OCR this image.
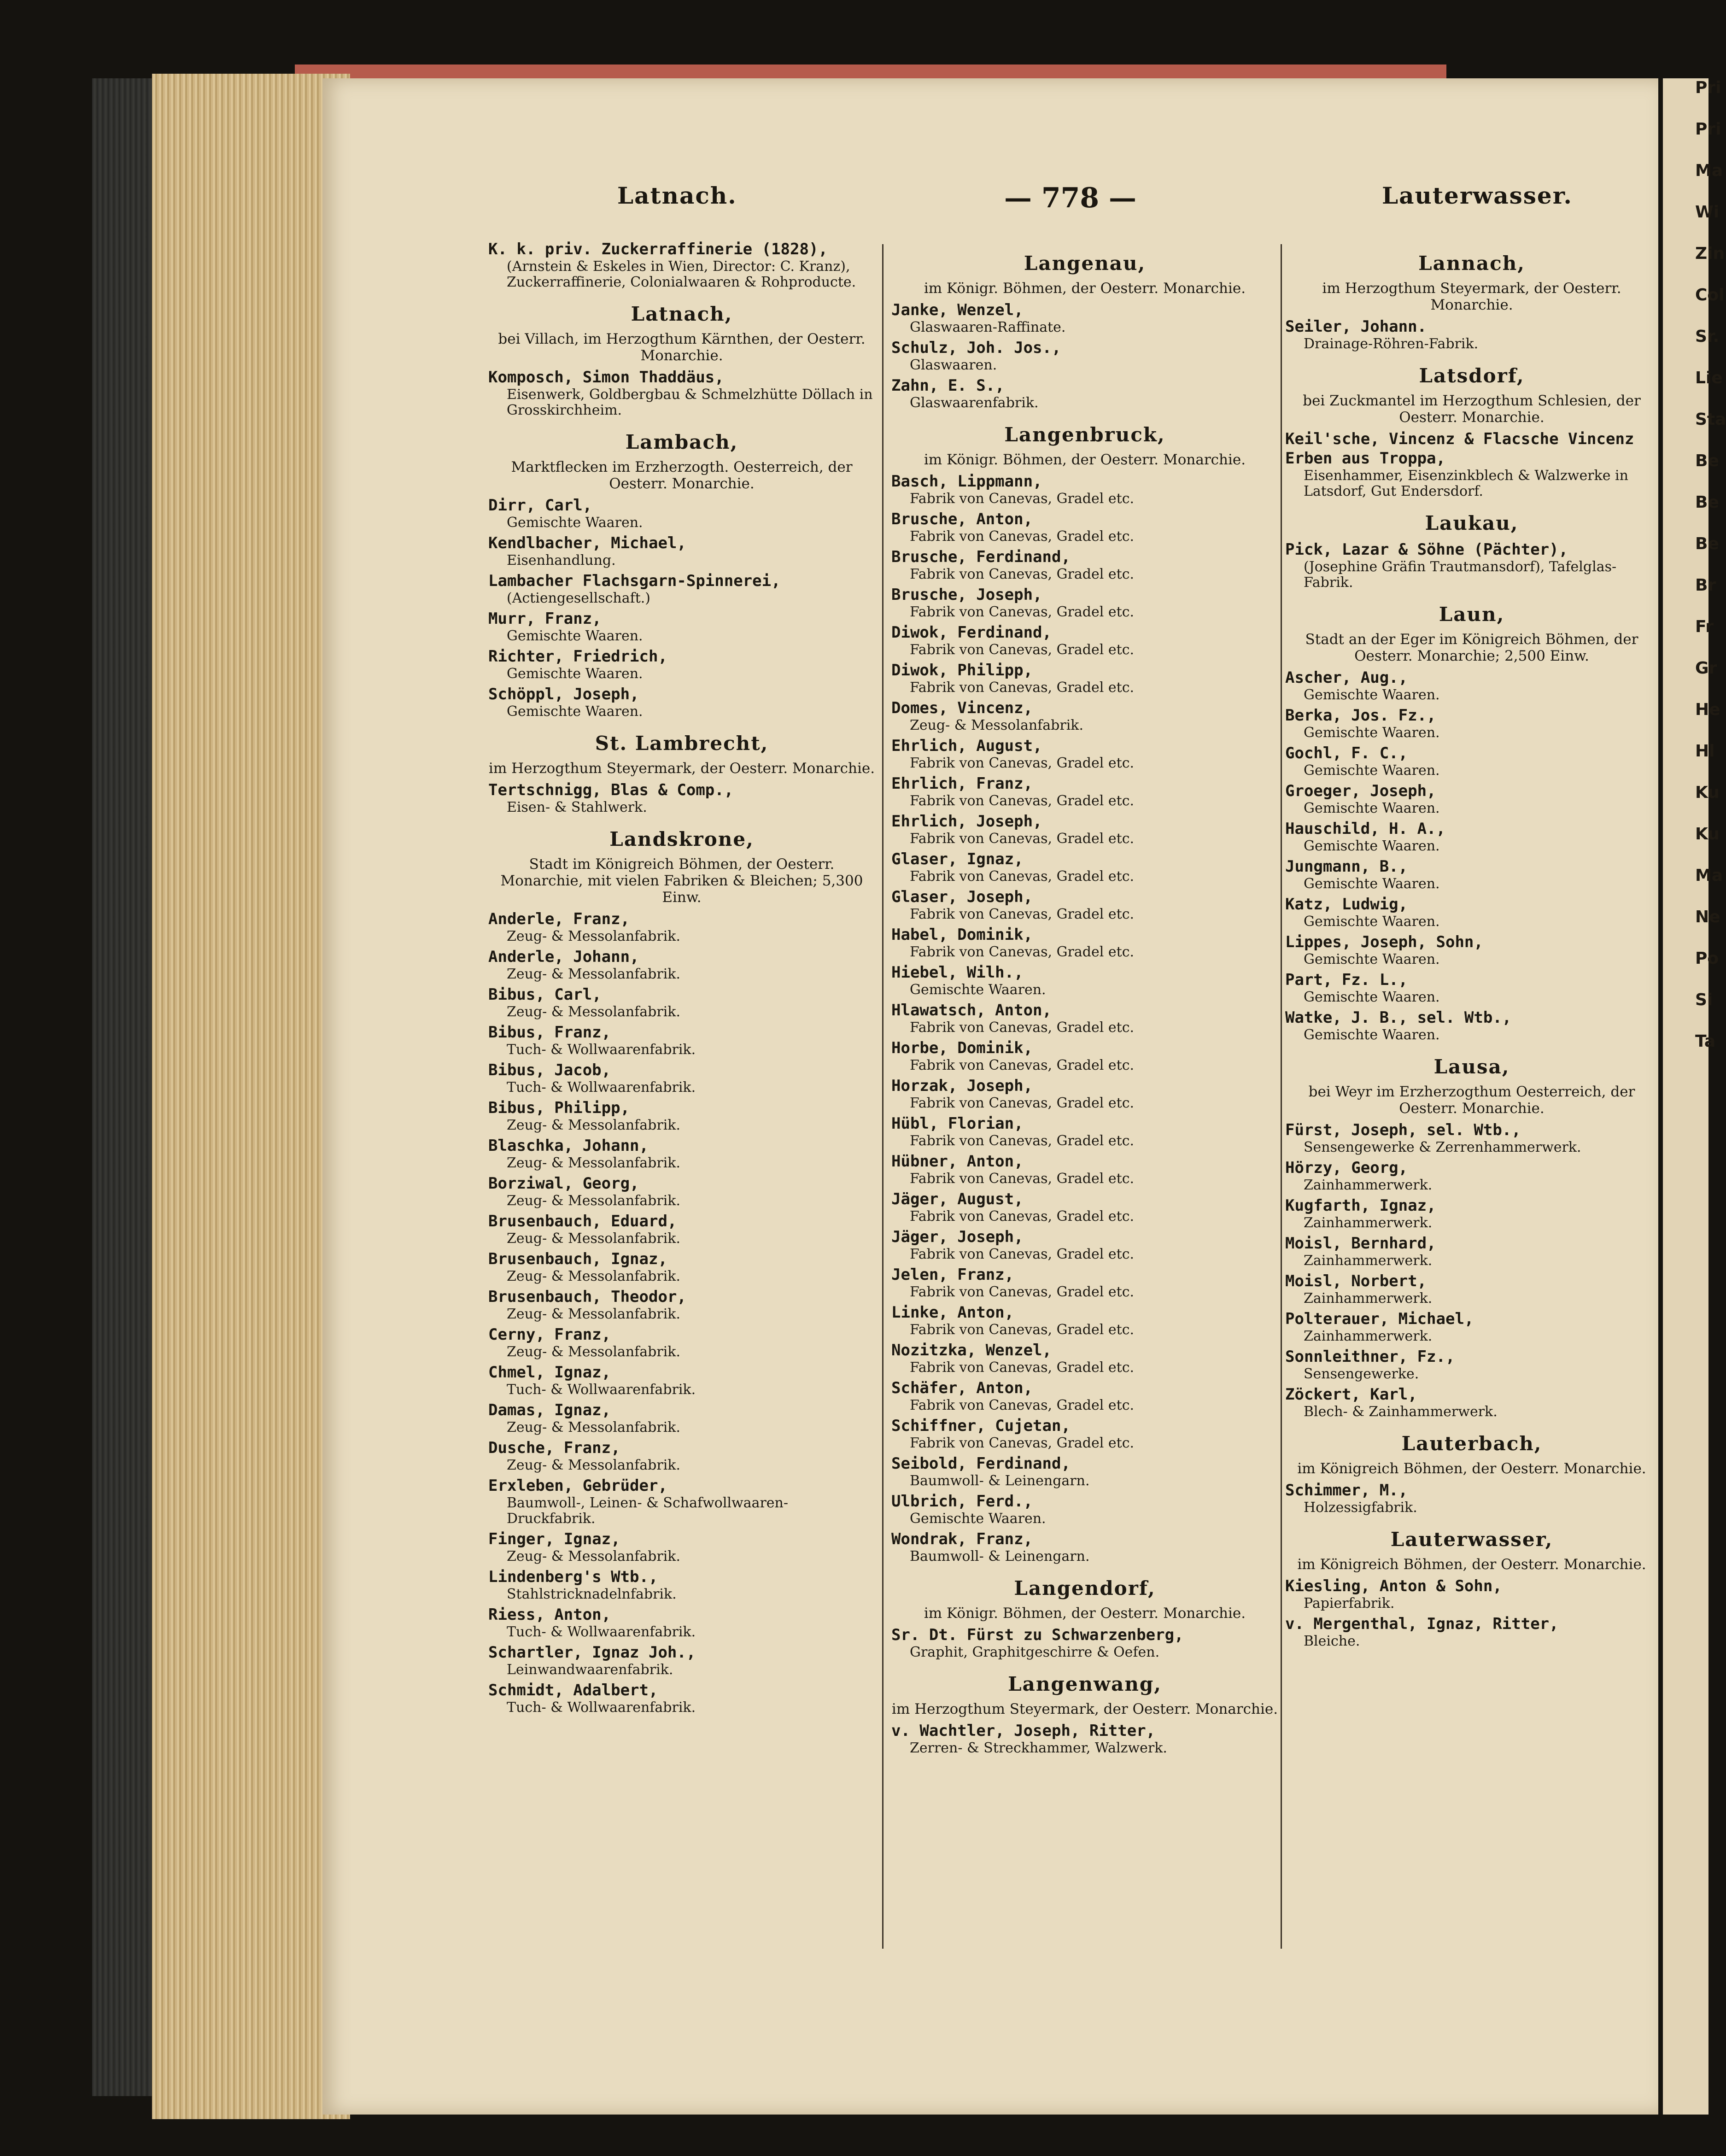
Latnach.	— 778 —	Lauterwasser.
K. k. priv. Zuckerraffinerie (1828),
(Arnstein & Eskeles in Wien, Director: C. Kranz), Zuckerraffinerie, Colonialwaaren & Rohproducte.
Latnach,
bei Villach, im Herzogthum Kärnthen, der Oesterr. Monarchie.
Komposch, Simon Thaddäus,
Eisenwerk, Goldbergbau & Schmelzhütte Döllach in Grosskirchheim.
Lambach,
Marktflecken im Erzherzogth. Oesterreich, der Oesterr. Monarchie.
Dirr, Carl,
Gemischte Waaren.
Kendlbacher, Michael,
Eisenhandlung.
Lambacher Flachsgarn-Spinnerei,
(Actiengesellschaft.)
Murr, Franz,
Gemischte Waaren.
Richter, Friedrich,
Gemischte Waaren.
Schöppl, Joseph,
Gemischte Waaren.
St. Lambrecht,
im Herzogthum Steyermark, der Oesterr. Monarchie.
Tertschnigg, Blas & Comp.,
Eisen- & Stahlwerk.
Landskrone,
Stadt im Königreich Böhmen, der Oesterr. Monarchie, mit vielen Fabriken & Bleichen; 5,300 Einw.
Anderle, Franz,
Zeug- & Messolanfabrik.
Anderle, Johann,
Zeug- & Messolanfabrik.
Bibus, Carl,
Zeug- & Messolanfabrik.
Bibus, Franz,
Tuch- & Wollwaarenfabrik.
Bibus, Jacob,
Tuch- & Wollwaarenfabrik.
Bibus, Philipp,
Zeug- & Messolanfabrik.
Blaschka, Johann,
Zeug- & Messolanfabrik.
Borziwal, Georg,
Zeug- & Messolanfabrik.
Brusenbauch, Eduard,
Zeug- & Messolanfabrik.
Brusenbauch, Ignaz,
Zeug- & Messolanfabrik.
Brusenbauch, Theodor,
Zeug- & Messolanfabrik.
Cerny, Franz,
Zeug- & Messolanfabrik.
Chmel, Ignaz,
Tuch- & Wollwaarenfabrik.
Damas, Ignaz,
Zeug- & Messolanfabrik.
Dusche, Franz,
Zeug- & Messolanfabrik.
Erxleben, Gebrüder,
Baumwoll-, Leinen- & Schafwollwaaren-Druckfabrik.
Finger, Ignaz,
Zeug- & Messolanfabrik.
Lindenberg's Wtb.,
Stahlstricknadelnfabrik.
Riess, Anton,
Tuch- & Wollwaarenfabrik.
Schartler, Ignaz Joh.,
Leinwandwaarenfabrik.
Schmidt, Adalbert,
Tuch- & Wollwaarenfabrik.
Langenau,
im Königr. Böhmen, der Oesterr. Monarchie.
Janke, Wenzel,
Glaswaaren-Raffinate.
Schulz, Joh. Jos.,
Glaswaaren.
Zahn, E. S.,
Glaswaarenfabrik.
Langenbruck,
im Königr. Böhmen, der Oesterr. Monarchie.
Basch, Lippmann,
Fabrik von Canevas, Gradel etc.
Brusche, Anton,
Fabrik von Canevas, Gradel etc.
Brusche, Ferdinand,
Fabrik von Canevas, Gradel etc.
Brusche, Joseph,
Fabrik von Canevas, Gradel etc.
Diwok, Ferdinand,
Fabrik von Canevas, Gradel etc.
Diwok, Philipp,
Fabrik von Canevas, Gradel etc.
Domes, Vincenz,
Zeug- & Messolanfabrik.
Ehrlich, August,
Fabrik von Canevas, Gradel etc.
Ehrlich, Franz,
Fabrik von Canevas, Gradel etc.
Ehrlich, Joseph,
Fabrik von Canevas, Gradel etc.
Glaser, Ignaz,
Fabrik von Canevas, Gradel etc.
Glaser, Joseph,
Fabrik von Canevas, Gradel etc.
Habel, Dominik,
Fabrik von Canevas, Gradel etc.
Hiebel, Wilh.,
Gemischte Waaren.
Hlawatsch, Anton,
Fabrik von Canevas, Gradel etc.
Horbe, Dominik,
Fabrik von Canevas, Gradel etc.
Horzak, Joseph,
Fabrik von Canevas, Gradel etc.
Hübl, Florian,
Fabrik von Canevas, Gradel etc.
Hübner, Anton,
Fabrik von Canevas, Gradel etc.
Jäger, August,
Fabrik von Canevas, Gradel etc.
Jäger, Joseph,
Fabrik von Canevas, Gradel etc.
Jelen, Franz,
Fabrik von Canevas, Gradel etc.
Linke, Anton,
Fabrik von Canevas, Gradel etc.
Nozitzka, Wenzel,
Fabrik von Canevas, Gradel etc.
Schäfer, Anton,
Fabrik von Canevas, Gradel etc.
Schiffner, Cujetan,
Fabrik von Canevas, Gradel etc.
Seibold, Ferdinand,
Baumwoll- & Leinengarn.
Ulbrich, Ferd.,
Gemischte Waaren.
Wondrak, Franz,
Baumwoll- & Leinengarn.
Langendorf,
im Königr. Böhmen, der Oesterr. Monarchie.
Sr. Dt. Fürst zu Schwarzenberg,
Graphit, Graphitgeschirre & Oefen.
Langenwang,
im Herzogthum Steyermark, der Oesterr. Monarchie.
v. Wachtler, Joseph, Ritter,
Zerren- & Streckhammer, Walzwerk.
Lannach,
im Herzogthum Steyermark, der Oesterr. Monarchie.
Seiler, Johann.
Drainage-Röhren-Fabrik.
Latsdorf,
bei Zuckmantel im Herzogthum Schlesien, der Oesterr. Monarchie.
Keil'sche, Vincenz & Flacsche Vincenz Erben aus Troppa,
Eisenhammer, Eisenzinkblech & Walzwerke in Latsdorf, Gut Endersdorf.
Laukau,
Pick, Lazar & Söhne (Pächter),
(Josephine Gräfin Trautmansdorf), Tafelglas-Fabrik.
Laun,
Stadt an der Eger im Königreich Böhmen, der Oesterr. Monarchie; 2,500 Einw.
Ascher, Aug.,
Gemischte Waaren.
Berka, Jos. Fz.,
Gemischte Waaren.
Gochl, F. C.,
Gemischte Waaren.
Groeger, Joseph,
Gemischte Waaren.
Hauschild, H. A.,
Gemischte Waaren.
Jungmann, B.,
Gemischte Waaren.
Katz, Ludwig,
Gemischte Waaren.
Lippes, Joseph, Sohn,
Gemischte Waaren.
Part, Fz. L.,
Gemischte Waaren.
Watke, J. B., sel. Wtb.,
Gemischte Waaren.
Lausa,
bei Weyr im Erzherzogthum Oesterreich, der Oesterr. Monarchie.
Fürst, Joseph, sel. Wtb.,
Sensengewerke & Zerrenhammerwerk.
Hörzy, Georg,
Zainhammerwerk.
Kugfarth, Ignaz,
Zainhammerwerk.
Moisl, Bernhard,
Zainhammerwerk.
Moisl, Norbert,
Zainhammerwerk.
Polterauer, Michael,
Zainhammerwerk.
Sonnleithner, Fz.,
Sensengewerke.
Zöckert, Karl,
Blech- & Zainhammerwerk.
Lauterbach,
im Königreich Böhmen, der Oesterr. Monarchie.
Schimmer, M.,
Holzessigfabrik.
Lauterwasser,
im Königreich Böhmen, der Oesterr. Monarchie.
Kiesling, Anton & Sohn,
Papierfabrik.
v. Mergenthal, Ignaz, Ritter,
Bleiche.
Pri
Pri
Ma
Wi
Zin
Col
Sr.
Lie
Sta
Be
Be
Be
Br
Fr
Gr
He
Hl
Ku
Ku
Ma
Ne
Po
Si
Ta
